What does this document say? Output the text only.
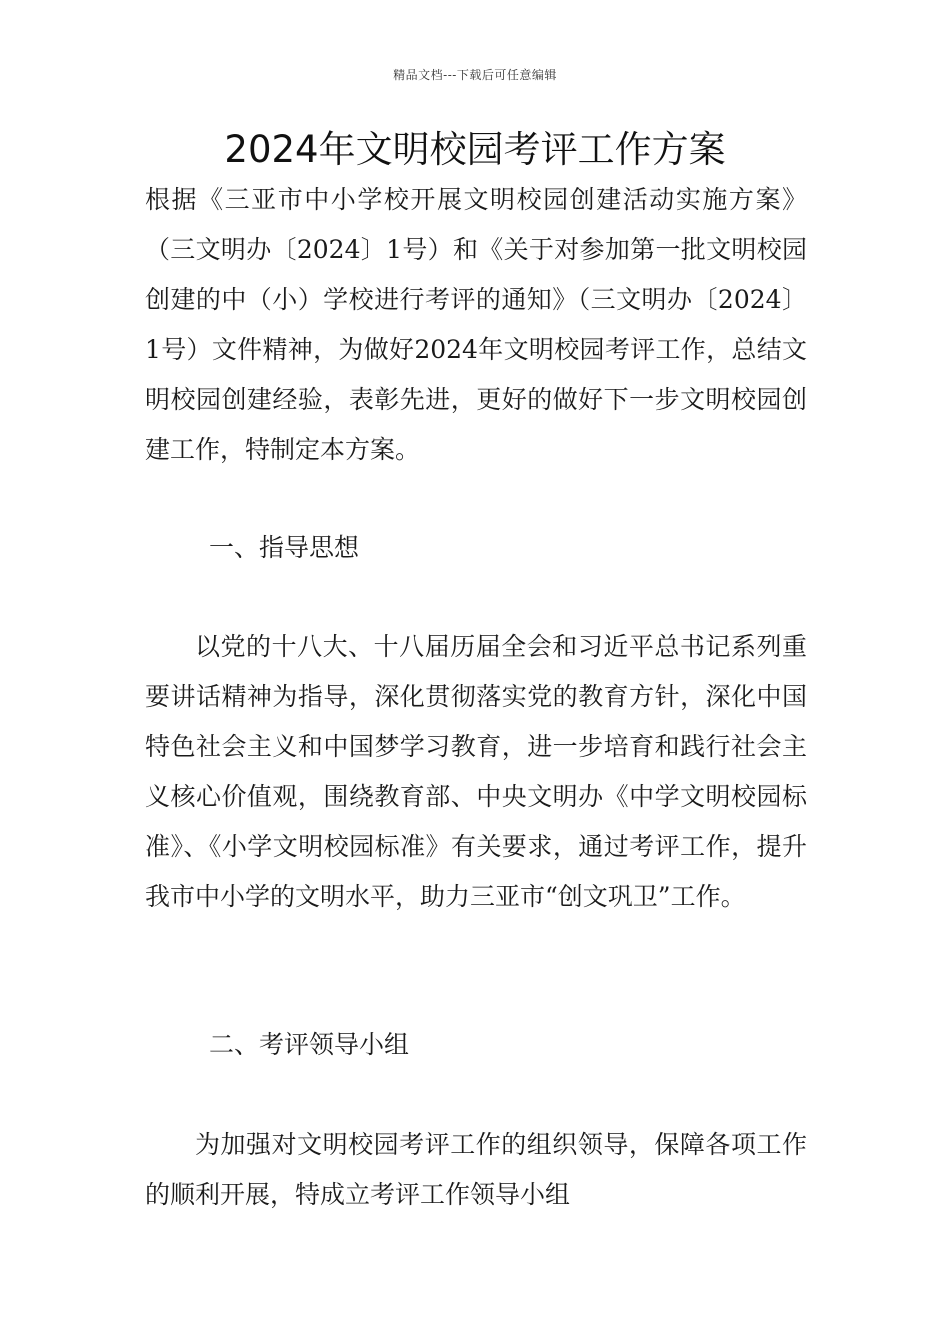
精品文档---下载后可任意编辑
2024年文明校园考评工作方案

根据《三亚市中小学校开展文明校园创建活动实施方案》（三文明办〔2024〕1号）和《关于对参加第一批文明校园创建的中（小）学校进行考评的通知》（三文明办〔2024〕1号）文件精神，为做好2024年文明校园考评工作，总结文明校园创建经验，表彰先进，更好的做好下一步文明校园创建工作，特制定本方案。

一、指导思想

以党的十八大、十八届历届全会和习近平总书记系列重要讲话精神为指导，深化贯彻落实党的教育方针，深化中国特色社会主义和中国梦学习教育，进一步培育和践行社会主义核心价值观，围绕教育部、中央文明办《中学文明校园标准》、《小学文明校园标准》有关要求，通过考评工作，提升我市中小学的文明水平，助力三亚市“创文巩卫”工作。

二、考评领导小组

为加强对文明校园考评工作的组织领导，保障各项工作的顺利开展，特成立考评工作领导小组
